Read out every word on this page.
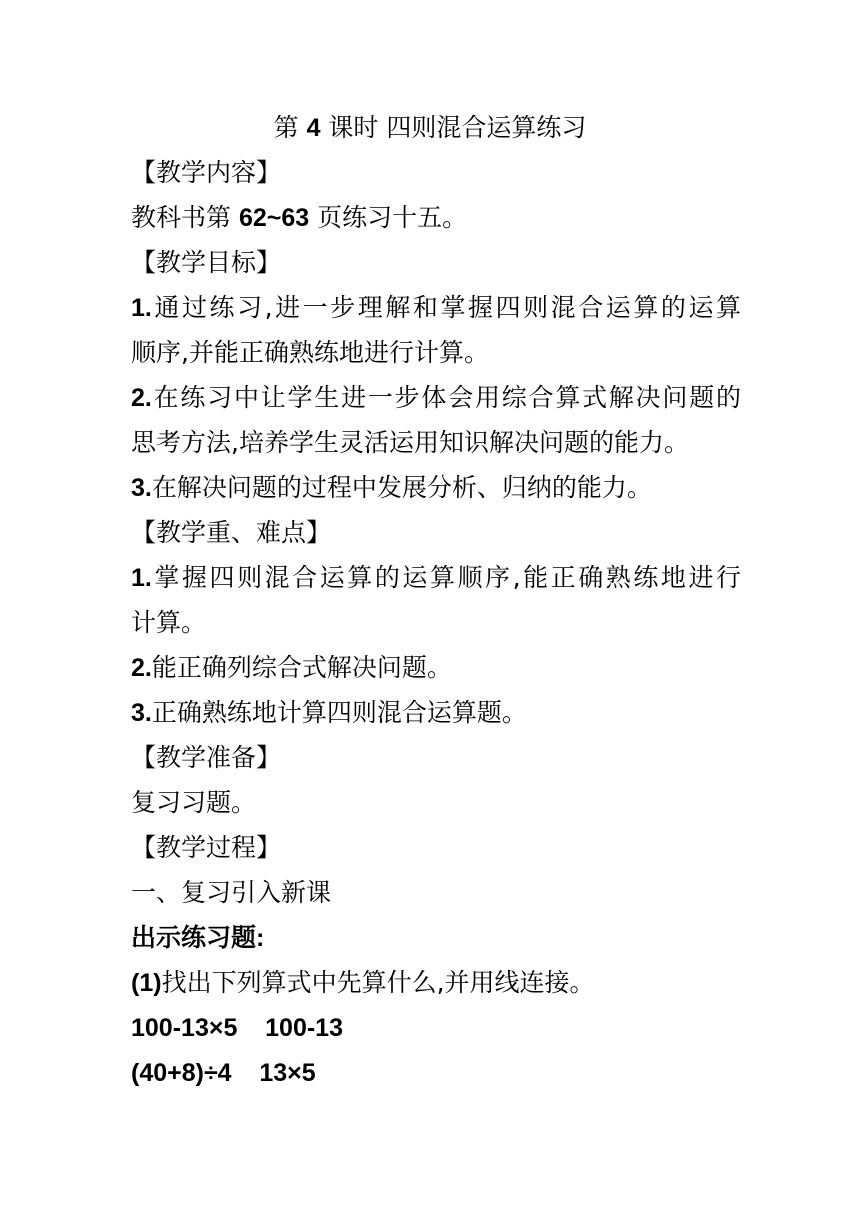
第 4 课时 四则混合运算练习
【教学内容】
教科书第 62~63 页练习十五。
【教学目标】
1.通过练习,进一步理解和掌握四则混合运算的运算
顺序,并能正确熟练地进行计算。
2.在练习中让学生进一步体会用综合算式解决问题的
思考方法,培养学生灵活运用知识解决问题的能力。
3.在解决问题的过程中发展分析、归纳的能力。
【教学重、难点】
1.掌握四则混合运算的运算顺序,能正确熟练地进行
计算。
2.能正确列综合式解决问题。
3.正确熟练地计算四则混合运算题。
【教学准备】
复习习题。
【教学过程】
一、复习引入新课
出示练习题:
(1)找出下列算式中先算什么,并用线连接。
100-13×5    100-13
(40+8)÷4    13×5
